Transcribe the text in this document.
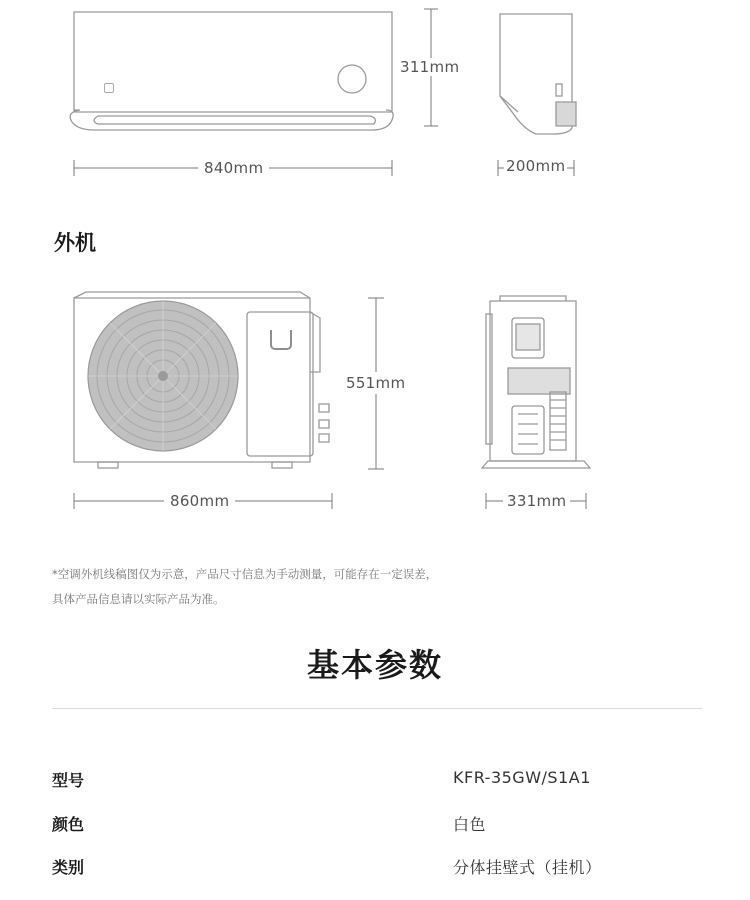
311mm
840mm	200mm
外机
551mm
860mm	331mm
*空调外机线稿图仅为示意，产品尺寸信息为手动测量，可能存在一定误差，
具体产品信息请以实际产品为准。
基本参数
型号	KFR-35GW/S1A1
颜色	白色
类别	分体挂壁式（挂机）
